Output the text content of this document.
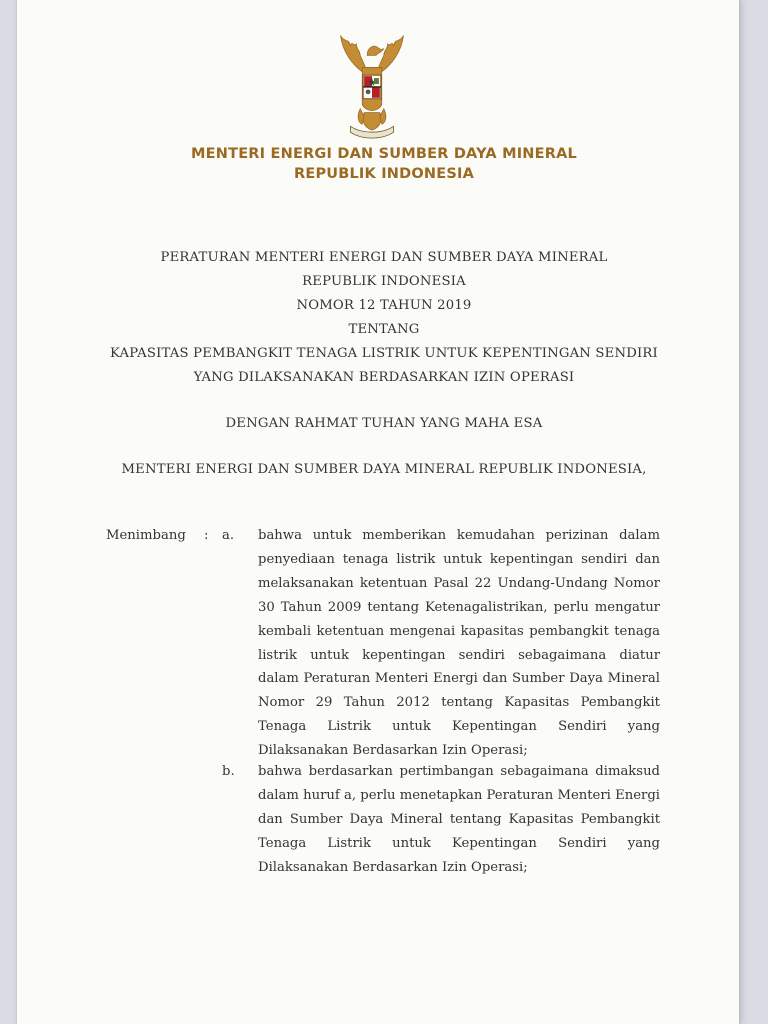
MENTERI ENERGI DAN SUMBER DAYA MINERAL
REPUBLIK INDONESIA
PERATURAN MENTERI ENERGI DAN SUMBER DAYA MINERAL
REPUBLIK INDONESIA
NOMOR 12 TAHUN 2019
TENTANG
KAPASITAS PEMBANGKIT TENAGA LISTRIK UNTUK KEPENTINGAN SENDIRI
YANG DILAKSANAKAN BERDASARKAN IZIN OPERASI
DENGAN RAHMAT TUHAN YANG MAHA ESA
MENTERI ENERGI DAN SUMBER DAYA MINERAL REPUBLIK INDONESIA,
Menimbang : a. bahwa untuk memberikan kemudahan perizinan dalam penyediaan tenaga listrik untuk kepentingan sendiri dan melaksanakan ketentuan Pasal 22 Undang-Undang Nomor 30 Tahun 2009 tentang Ketenagalistrikan, perlu mengatur kembali ketentuan mengenai kapasitas pembangkit tenaga listrik untuk kepentingan sendiri sebagaimana diatur dalam Peraturan Menteri Energi dan Sumber Daya Mineral Nomor 29 Tahun 2012 tentang Kapasitas Pembangkit Tenaga Listrik untuk Kepentingan Sendiri yang Dilaksanakan Berdasarkan Izin Operasi;
b. bahwa berdasarkan pertimbangan sebagaimana dimaksud dalam huruf a, perlu menetapkan Peraturan Menteri Energi dan Sumber Daya Mineral tentang Kapasitas Pembangkit Tenaga Listrik untuk Kepentingan Sendiri yang Dilaksanakan Berdasarkan Izin Operasi;
